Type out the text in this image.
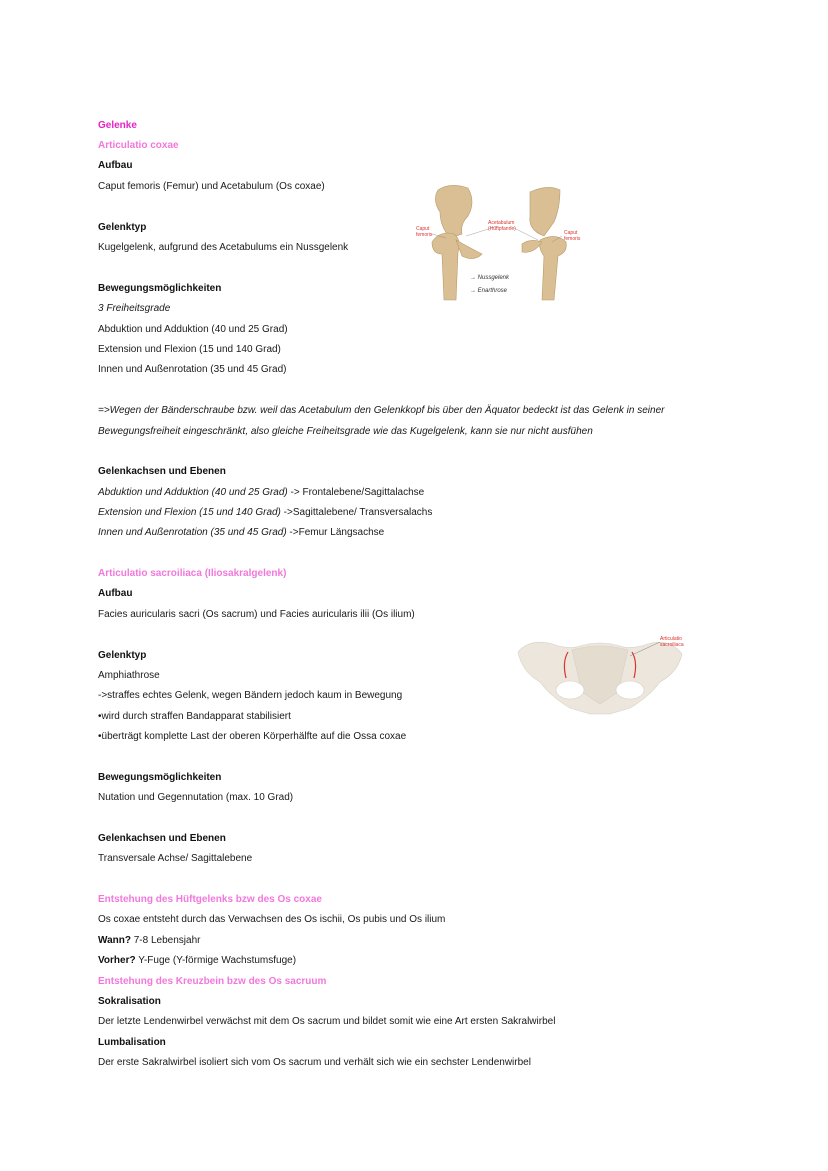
Gelenke
Articulatio coxae
Aufbau
Caput femoris (Femur) und Acetabulum (Os coxae)
Gelenktyp
Kugelgelenk, aufgrund des Acetabulums ein Nussgelenk
Bewegungsmöglichkeiten
3 Freiheitsgrade
Abduktion und Adduktion (40 und 25 Grad)
Extension und Flexion (15 und 140 Grad)
Innen und Außenrotation (35 und 45 Grad)
=>Wegen der Bänderschraube bzw. weil das Acetabulum den Gelenkkopf bis über den Äquator bedeckt ist das Gelenk in seiner
Bewegungsfreiheit eingeschränkt, also gleiche Freiheitsgrade wie das Kugelgelenk, kann sie nur nicht ausfühen
Gelenkachsen und Ebenen
Abduktion und Adduktion (40 und 25 Grad) -> Frontalebene/Sagittalachse
Extension und Flexion (15 und 140 Grad) ->Sagittalebene/ Transversalachs
Innen und Außenrotation (35 und 45 Grad) ->Femur Längsachse
Articulatio sacroiliaca (Iliosakralgelenk)
Aufbau
Facies auricularis sacri (Os sacrum) und Facies auricularis ilii (Os ilium)
Gelenktyp
Amphiathrose
->straffes echtes Gelenk, wegen Bändern jedoch kaum in Bewegung
•wird durch straffen Bandapparat stabilisiert
•überträgt komplette Last der oberen Körperhälfte auf die Ossa coxae
Bewegungsmöglichkeiten
Nutation und Gegennutation (max. 10 Grad)
Gelenkachsen und Ebenen
Transversale Achse/ Sagittalebene
Entstehung des Hüftgelenks bzw des Os coxae
Os coxae entsteht durch das Verwachsen des Os ischii, Os pubis und Os ilium
Wann? 7-8 Lebensjahr
Vorher? Y-Fuge (Y-förmige Wachstumsfuge)
Entstehung des Kreuzbein bzw des Os sacruum
Sokralisation
Der letzte Lendenwirbel verwächst mit dem Os sacrum und bildet somit wie eine Art ersten Sakralwirbel
Lumbalisation
Der erste Sakralwirbel isoliert sich vom Os sacrum und verhält sich wie ein sechster Lendenwirbel
Caput
femoris
Acetabulum
(Hüftpfanne)
Caput
femoris
→ Nussgelenk
→ Enarthrose
Articulatio
sacroiliaca
